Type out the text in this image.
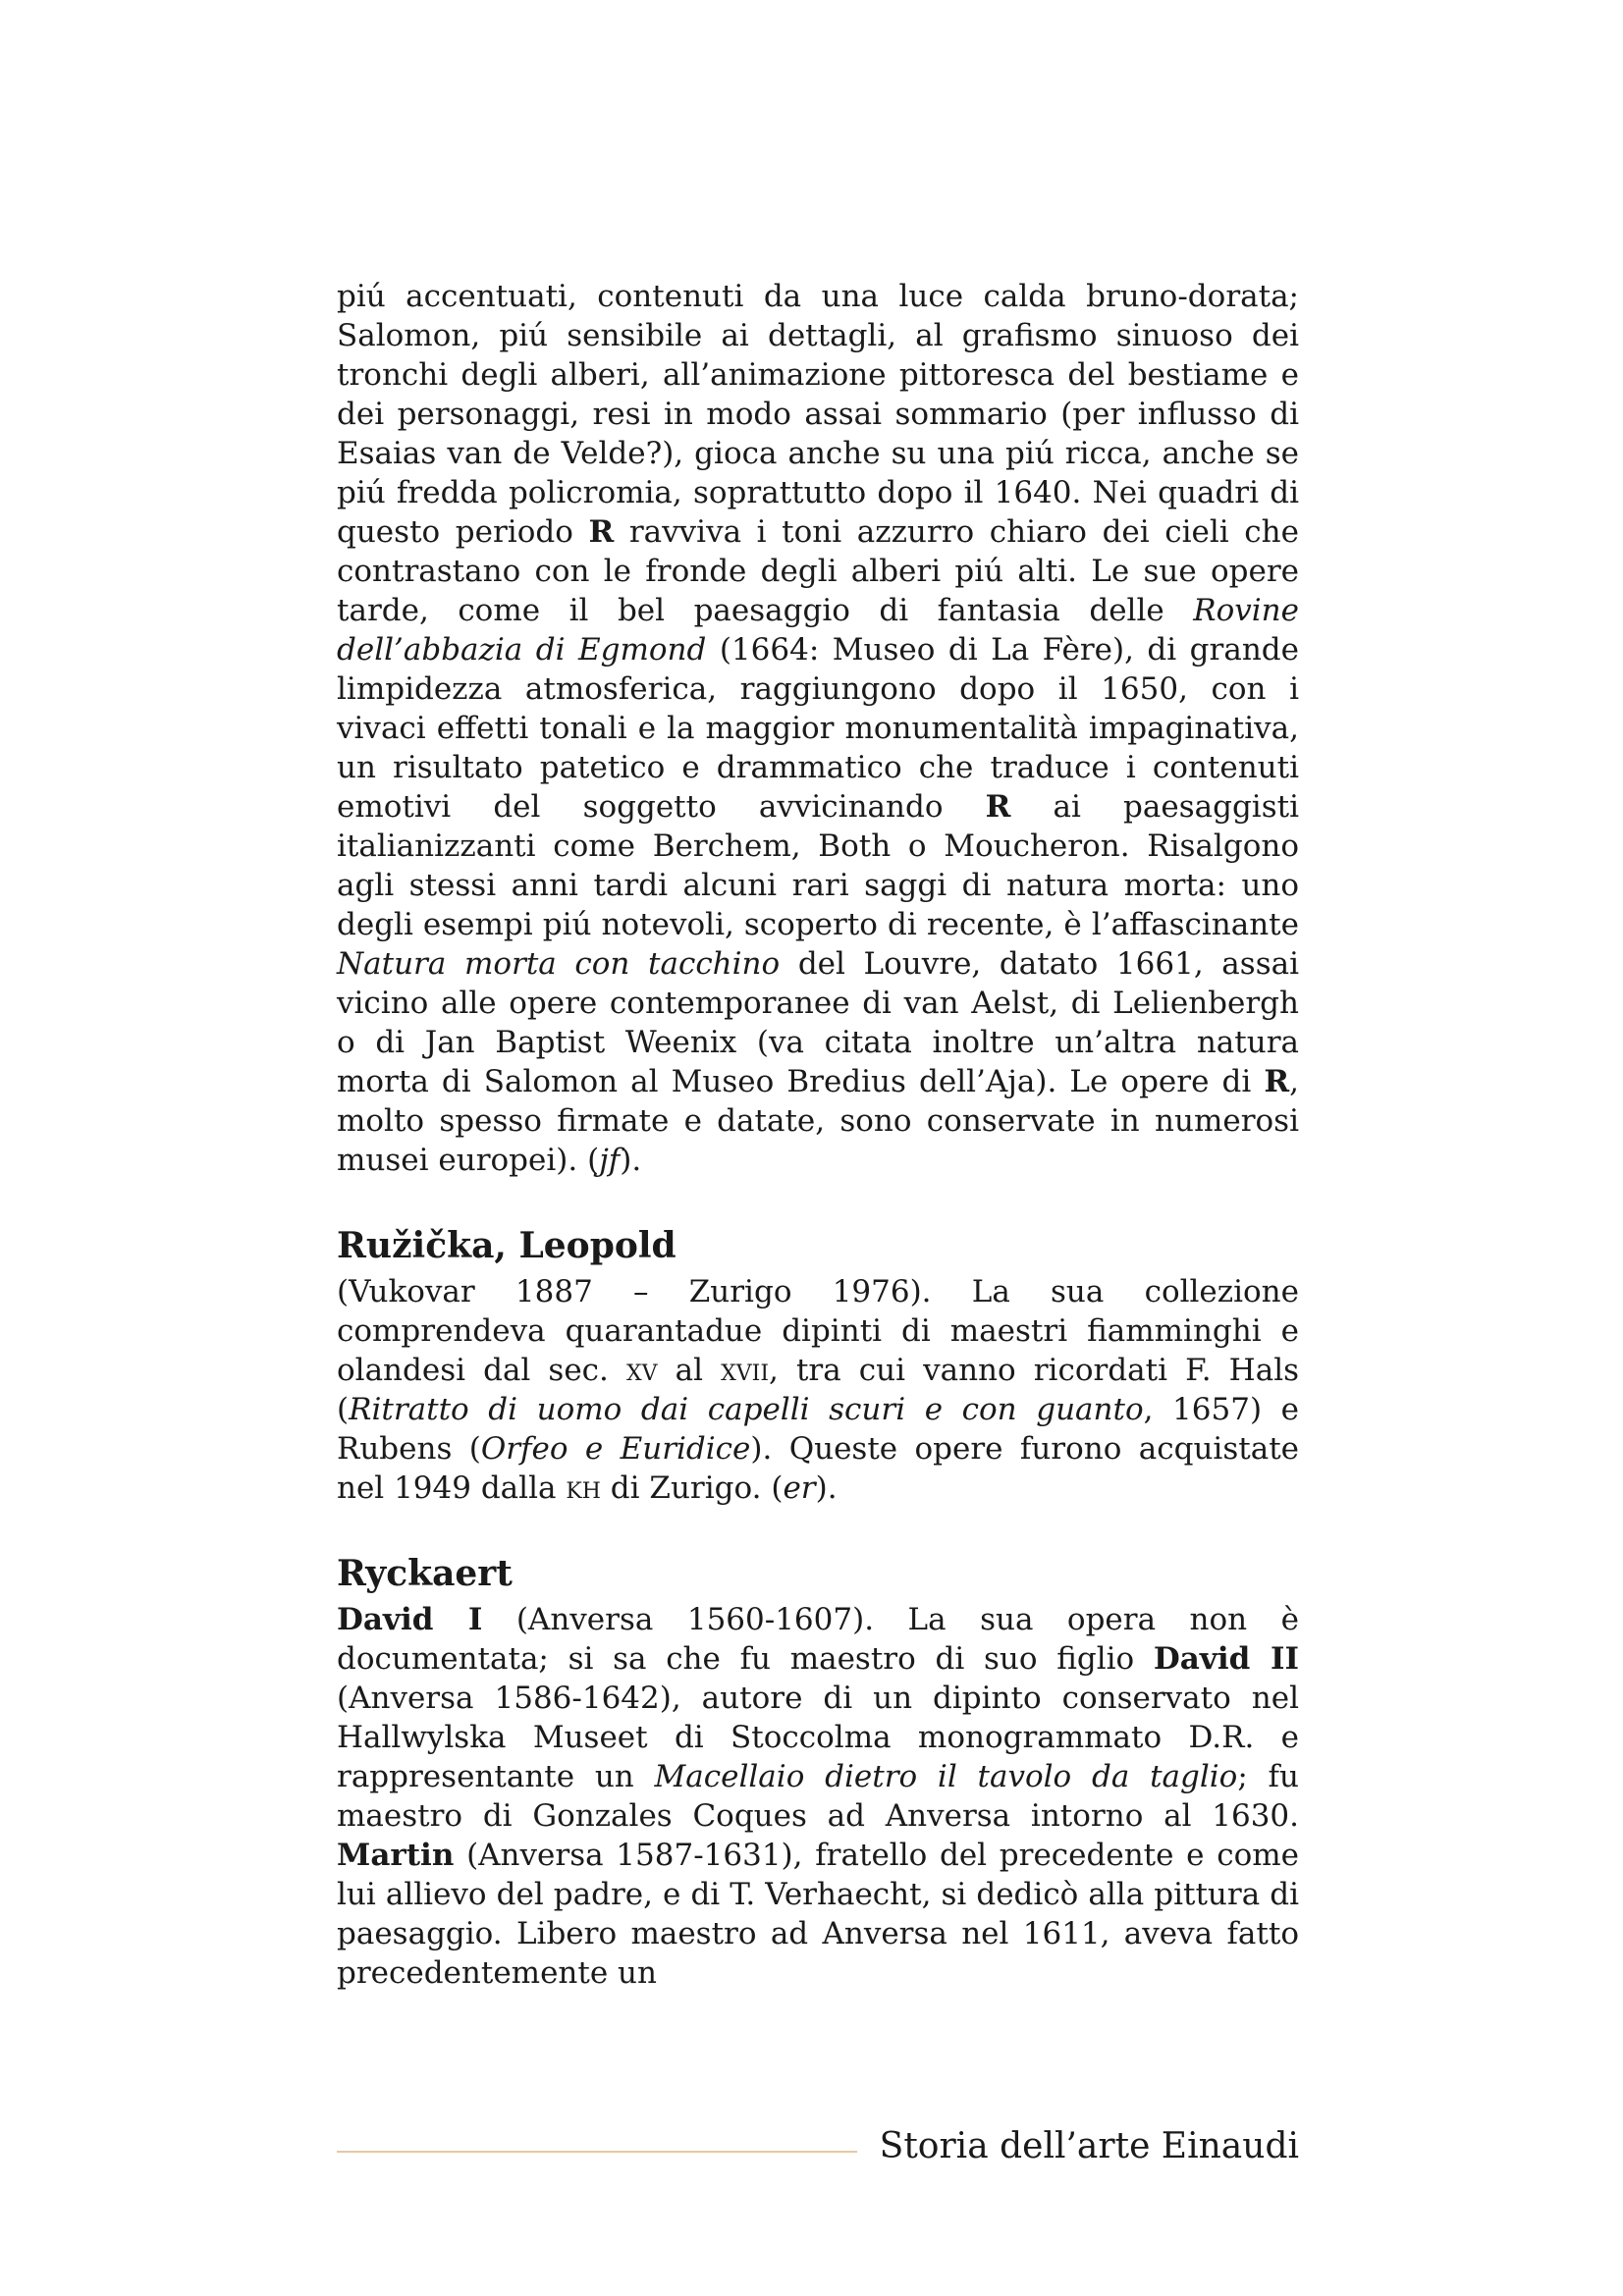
piú accentuati, contenuti da una luce calda bruno-dorata; Salomon, piú sensibile ai dettagli, al grafismo sinuoso dei tronchi degli alberi, all’animazione pittoresca del bestiame e dei personaggi, resi in modo assai sommario (per influsso di Esaias van de Velde?), gioca anche su una piú ricca, anche se piú fredda policromia, soprattutto dopo il 1640. Nei quadri di questo periodo R ravviva i toni azzurro chiaro dei cieli che contrastano con le fronde degli alberi piú alti. Le sue opere tarde, come il bel paesaggio di fantasia delle Rovine dell’abbazia di Egmond (1664: Museo di La Fère), di grande limpidezza atmosferica, raggiungono dopo il 1650, con i vivaci effetti tonali e la maggior monumentalità impaginativa, un risultato patetico e drammatico che traduce i contenuti emotivi del soggetto avvicinando R ai paesaggisti italianizzanti come Berchem, Both o Moucheron. Risalgono agli stessi anni tardi alcuni rari saggi di natura morta: uno degli esempi piú notevoli, scoperto di recente, è l’affascinante Natura morta con tacchino del Louvre, datato 1661, assai vicino alle opere contemporanee di van Aelst, di Lelienbergh o di Jan Baptist Weenix (va citata inoltre un’altra natura morta di Salomon al Museo Bredius dell’Aja). Le opere di R, molto spesso firmate e datate, sono conservate in numerosi musei europei). (jf).

Ružička, Leopold

(Vukovar 1887 – Zurigo 1976). La sua collezione comprendeva quarantadue dipinti di maestri fiamminghi e olandesi dal sec. xv al xvii, tra cui vanno ricordati F. Hals (Ritratto di uomo dai capelli scuri e con guanto, 1657) e Rubens (Orfeo e Euridice). Queste opere furono acquistate nel 1949 dalla kh di Zurigo. (er).

Ryckaert

David I (Anversa 1560-1607). La sua opera non è documentata; si sa che fu maestro di suo figlio David II (Anversa 1586-1642), autore di un dipinto conservato nel Hallwylska Museet di Stoccolma monogrammato D.R. e rappresentante un Macellaio dietro il tavolo da taglio; fu maestro di Gonzales Coques ad Anversa intorno al 1630. Martin (Anversa 1587-1631), fratello del precedente e come lui allievo del padre, e di T. Verhaecht, si dedicò alla pittura di paesaggio. Libero maestro ad Anversa nel 1611, aveva fatto precedentemente un

Storia dell’arte Einaudi
